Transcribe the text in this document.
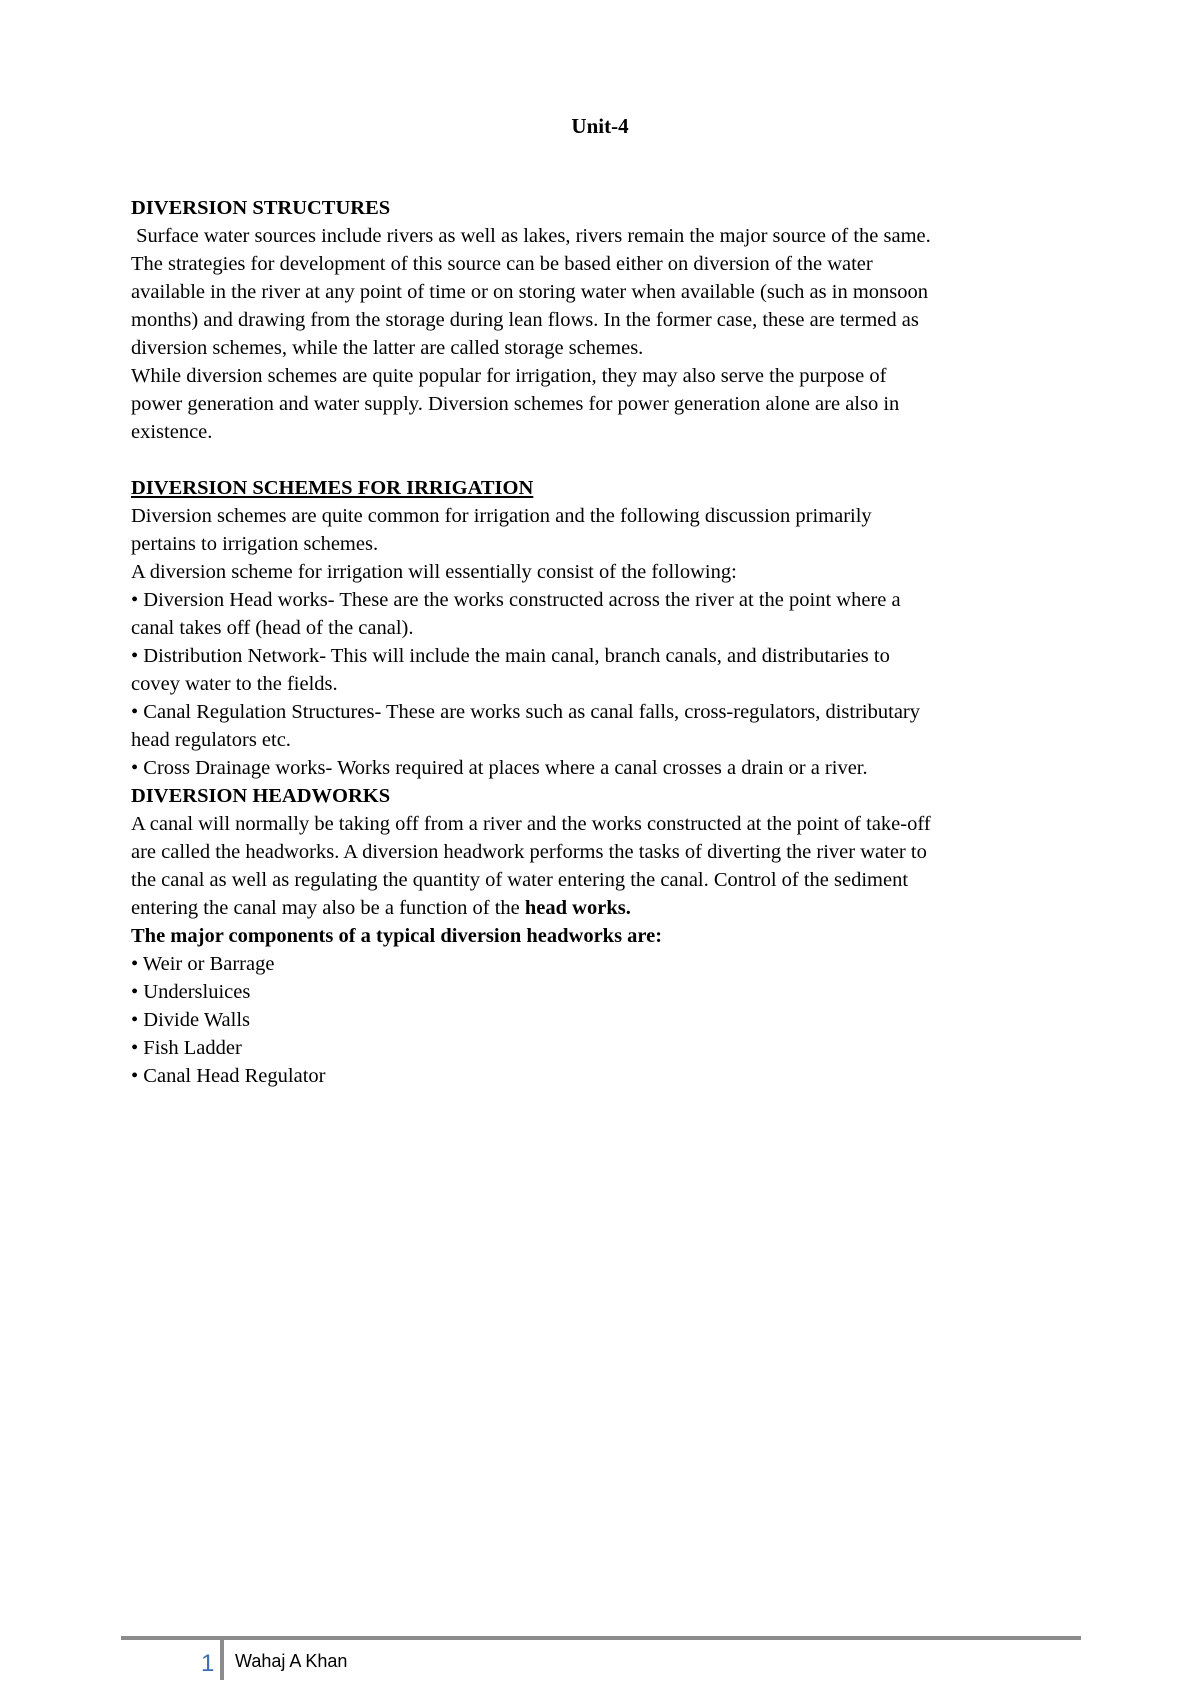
Unit-4
DIVERSION STRUCTURES
Surface water sources include rivers as well as lakes, rivers remain the major source of the same.
The strategies for development of this source can be based either on diversion of the water
available in the river at any point of time or on storing water when available (such as in monsoon
months) and drawing from the storage during lean flows. In the former case, these are termed as
diversion schemes, while the latter are called storage schemes.
While diversion schemes are quite popular for irrigation, they may also serve the purpose of
power generation and water supply. Diversion schemes for power generation alone are also in
existence.
DIVERSION SCHEMES FOR IRRIGATION
Diversion schemes are quite common for irrigation and the following discussion primarily
pertains to irrigation schemes.
A diversion scheme for irrigation will essentially consist of the following:
• Diversion Head works- These are the works constructed across the river at the point where a
canal takes off (head of the canal).
• Distribution Network- This will include the main canal, branch canals, and distributaries to
covey water to the fields.
• Canal Regulation Structures- These are works such as canal falls, cross-regulators, distributary
head regulators etc.
• Cross Drainage works- Works required at places where a canal crosses a drain or a river.
DIVERSION HEADWORKS
A canal will normally be taking off from a river and the works constructed at the point of take-off
are called the headworks. A diversion headwork performs the tasks of diverting the river water to
the canal as well as regulating the quantity of water entering the canal. Control of the sediment
entering the canal may also be a function of the head works.
The major components of a typical diversion headworks are:
• Weir or Barrage
• Undersluices
• Divide Walls
• Fish Ladder
• Canal Head Regulator
1 Wahaj A Khan
